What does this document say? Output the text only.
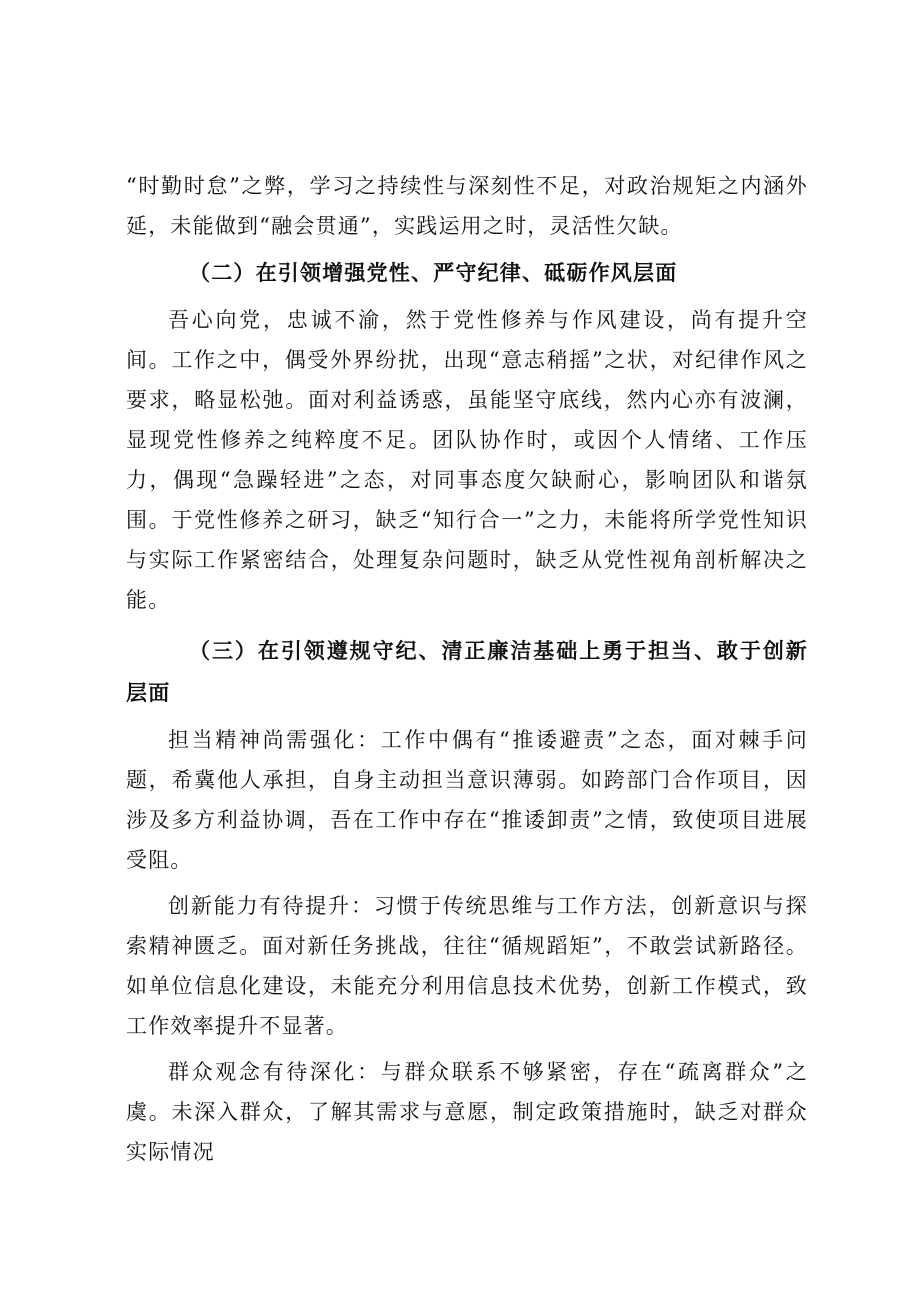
“时勤时怠”之弊，学习之持续性与深刻性不足，对政治规矩之内涵外延，未能做到“融会贯通”，实践运用之时，灵活性欠缺。

（二）在引领增强党性、严守纪律、砥砺作风层面

吾心向党，忠诚不渝，然于党性修养与作风建设，尚有提升空间。工作之中，偶受外界纷扰，出现“意志稍摇”之状，对纪律作风之要求，略显松弛。面对利益诱惑，虽能坚守底线，然内心亦有波澜，显现党性修养之纯粹度不足。团队协作时，或因个人情绪、工作压力，偶现“急躁轻进”之态，对同事态度欠缺耐心，影响团队和谐氛围。于党性修养之研习，缺乏“知行合一”之力，未能将所学党性知识与实际工作紧密结合，处理复杂问题时，缺乏从党性视角剖析解决之能。

（三）在引领遵规守纪、清正廉洁基础上勇于担当、敢于创新层面

担当精神尚需强化：工作中偶有“推诿避责”之态，面对棘手问题，希冀他人承担，自身主动担当意识薄弱。如跨部门合作项目，因涉及多方利益协调，吾在工作中存在“推诿卸责”之情，致使项目进展受阻。

创新能力有待提升：习惯于传统思维与工作方法，创新意识与探索精神匮乏。面对新任务挑战，往往“循规蹈矩”，不敢尝试新路径。如单位信息化建设，未能充分利用信息技术优势，创新工作模式，致工作效率提升不显著。

群众观念有待深化：与群众联系不够紧密，存在“疏离群众”之虞。未深入群众，了解其需求与意愿，制定政策措施时，缺乏对群众实际情况
